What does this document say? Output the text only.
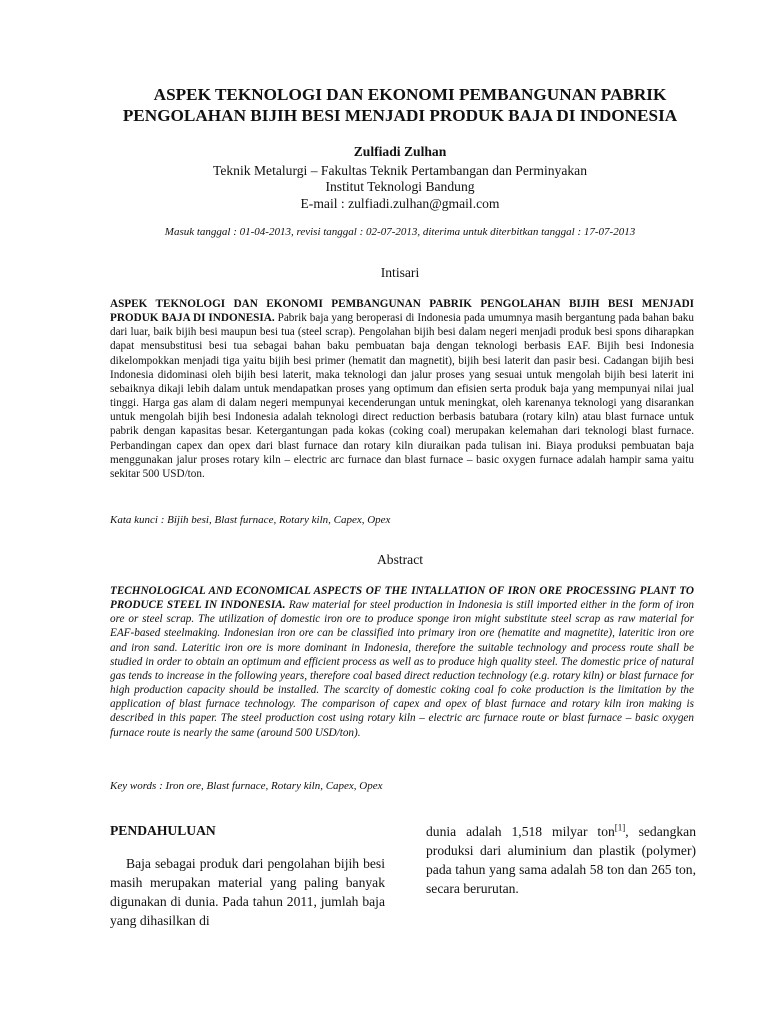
ASPEK TEKNOLOGI DAN EKONOMI PEMBANGUNAN PABRIK
PENGOLAHAN BIJIH BESI MENJADI PRODUK BAJA DI INDONESIA
Zulfiadi Zulhan
Teknik Metalurgi – Fakultas Teknik Pertambangan dan Perminyakan
Institut Teknologi Bandung
E-mail : zulfiadi.zulhan@gmail.com
Masuk tanggal : 01-04-2013, revisi tanggal : 02-07-2013, diterima untuk diterbitkan tanggal : 17-07-2013
Intisari

ASPEK TEKNOLOGI DAN EKONOMI PEMBANGUNAN PABRIK PENGOLAHAN BIJIH BESI MENJADI PRODUK BAJA DI INDONESIA. Pabrik baja yang beroperasi di Indonesia pada umumnya masih bergantung pada bahan baku dari luar, baik bijih besi maupun besi tua (steel scrap). Pengolahan bijih besi dalam negeri menjadi produk besi spons diharapkan dapat mensubstitusi besi tua sebagai bahan baku pembuatan baja dengan teknologi berbasis EAF. Bijih besi Indonesia dikelompokkan menjadi tiga yaitu bijih besi primer (hematit dan magnetit), bijih besi laterit dan pasir besi. Cadangan bijih besi Indonesia didominasi oleh bijih besi laterit, maka teknologi dan jalur proses yang sesuai untuk mengolah bijih besi laterit ini sebaiknya dikaji lebih dalam untuk mendapatkan proses yang optimum dan efisien serta produk baja yang mempunyai nilai jual tinggi. Harga gas alam di dalam negeri mempunyai kecenderungan untuk meningkat, oleh karenanya teknologi yang disarankan untuk mengolah bijih besi Indonesia adalah teknologi direct reduction berbasis batubara (rotary kiln) atau blast furnace untuk pabrik dengan kapasitas besar. Ketergantungan pada kokas (coking coal) merupakan kelemahan dari teknologi blast furnace. Perbandingan capex dan opex dari blast furnace dan rotary kiln diuraikan pada tulisan ini. Biaya produksi pembuatan baja menggunakan jalur proses rotary kiln – electric arc furnace dan blast furnace – basic oxygen furnace adalah hampir sama yaitu sekitar 500 USD/ton.

Kata kunci : Bijih besi, Blast furnace, Rotary kiln, Capex, Opex
Abstract

TECHNOLOGICAL AND ECONOMICAL ASPECTS OF THE INTALLATION OF IRON ORE PROCESSING PLANT TO PRODUCE STEEL IN INDONESIA. Raw material for steel production in Indonesia is still imported either in the form of iron ore or steel scrap. The utilization of domestic iron ore to produce sponge iron might substitute steel scrap as raw material for EAF-based steelmaking. Indonesian iron ore can be classified into primary iron ore (hematite and magnetite), lateritic iron ore and iron sand. Lateritic iron ore is more dominant in Indonesia, therefore the suitable technology and process route shall be studied in order to obtain an optimum and efficient process as well as to produce high quality steel. The domestic price of natural gas tends to increase in the following years, therefore coal based direct reduction technology (e.g. rotary kiln) or blast furnace for high production capacity should be installed. The scarcity of domestic coking coal fo coke production is the limitation by the application of blast furnace technology. The comparison of capex and opex of blast furnace and rotary kiln iron making is described in this paper. The steel production cost using rotary kiln – electric arc furnace route or blast furnace – basic oxygen furnace route is nearly the same (around 500 USD/ton).

Key words : Iron ore, Blast furnace, Rotary kiln, Capex, Opex
PENDAHULUAN

Baja sebagai produk dari pengolahan bijih besi masih merupakan material yang paling banyak digunakan di dunia. Pada tahun 2011, jumlah baja yang dihasilkan di

dunia adalah 1,518 milyar ton[1], sedangkan produksi dari aluminium dan plastik (polymer) pada tahun yang sama adalah 58 ton dan 265 ton, secara berurutan.
